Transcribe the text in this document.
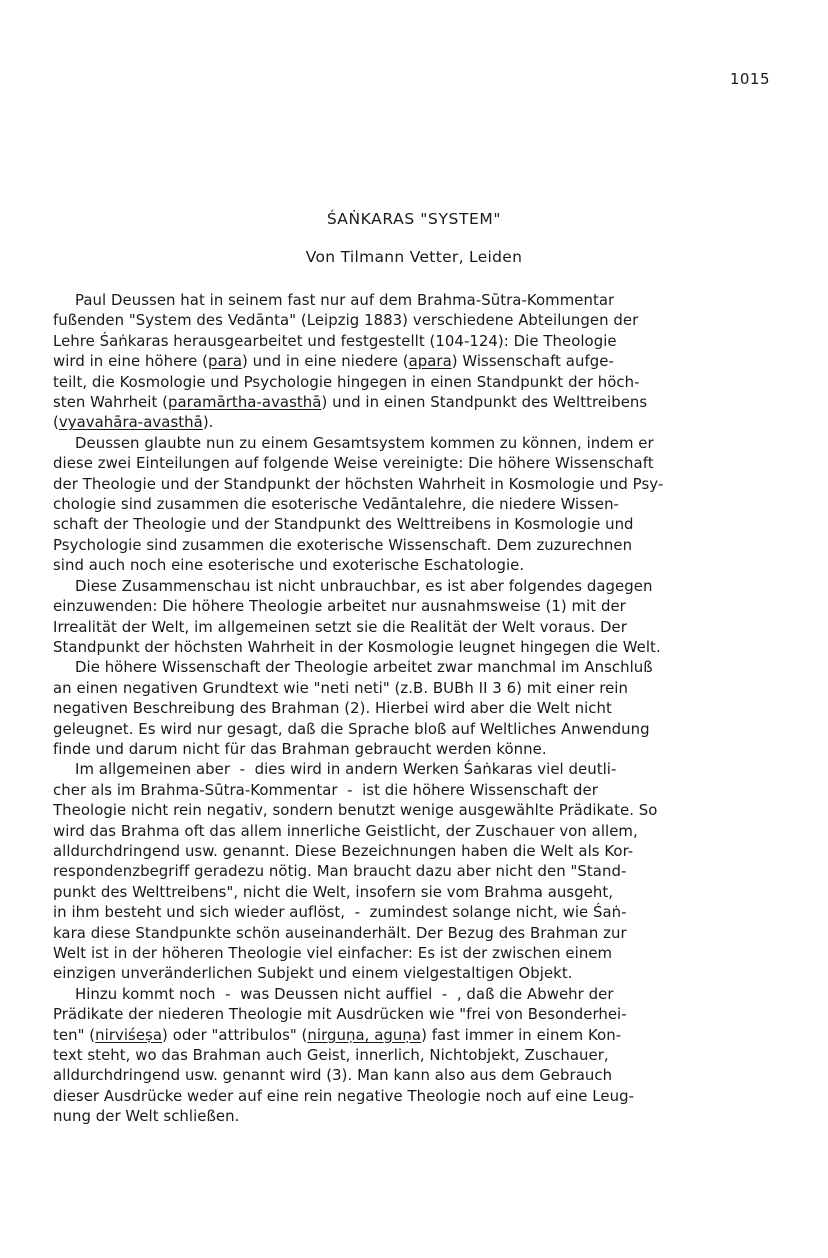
1015
ŚAṄKARAS "SYSTEM"
Von Tilmann Vetter, Leiden
Paul Deussen hat in seinem fast nur auf dem Brahma-Sūtra-Kommentar
fußenden "System des Vedānta" (Leipzig 1883) verschiedene Abteilungen der
Lehre Śaṅkaras herausgearbeitet und festgestellt (104-124): Die Theologie
wird in eine höhere (para) und in eine niedere (apara) Wissenschaft aufge-
teilt, die Kosmologie und Psychologie hingegen in einen Standpunkt der höch-
sten Wahrheit (paramārtha-avasthā) und in einen Standpunkt des Welttreibens
(vyavahāra-avasthā).
Deussen glaubte nun zu einem Gesamtsystem kommen zu können, indem er
diese zwei Einteilungen auf folgende Weise vereinigte: Die höhere Wissenschaft
der Theologie und der Standpunkt der höchsten Wahrheit in Kosmologie und Psy-
chologie sind zusammen die esoterische Vedāntalehre, die niedere Wissen-
schaft der Theologie und der Standpunkt des Welttreibens in Kosmologie und
Psychologie sind zusammen die exoterische Wissenschaft. Dem zuzurechnen
sind auch noch eine esoterische und exoterische Eschatologie.
Diese Zusammenschau ist nicht unbrauchbar, es ist aber folgendes dagegen
einzuwenden: Die höhere Theologie arbeitet nur ausnahmsweise (1) mit der
Irrealität der Welt, im allgemeinen setzt sie die Realität der Welt voraus. Der
Standpunkt der höchsten Wahrheit in der Kosmologie leugnet hingegen die Welt.
Die höhere Wissenschaft der Theologie arbeitet zwar manchmal im Anschluß
an einen negativen Grundtext wie "neti neti" (z.B. BUBh II 3 6) mit einer rein
negativen Beschreibung des Brahman (2). Hierbei wird aber die Welt nicht
geleugnet. Es wird nur gesagt, daß die Sprache bloß auf Weltliches Anwendung
finde und darum nicht für das Brahman gebraucht werden könne.
Im allgemeinen aber  -  dies wird in andern Werken Śaṅkaras viel deutli-
cher als im Brahma-Sūtra-Kommentar  -  ist die höhere Wissenschaft der
Theologie nicht rein negativ, sondern benutzt wenige ausgewählte Prädikate. So
wird das Brahma oft das allem innerliche Geistlicht, der Zuschauer von allem,
alldurchdringend usw. genannt. Diese Bezeichnungen haben die Welt als Kor-
respondenzbegriff geradezu nötig. Man braucht dazu aber nicht den "Stand-
punkt des Welttreibens", nicht die Welt, insofern sie vom Brahma ausgeht,
in ihm besteht und sich wieder auflöst,  -  zumindest solange nicht, wie Śaṅ-
kara diese Standpunkte schön auseinanderhält. Der Bezug des Brahman zur
Welt ist in der höheren Theologie viel einfacher: Es ist der zwischen einem
einzigen unveränderlichen Subjekt und einem vielgestaltigen Objekt.
Hinzu kommt noch  -  was Deussen nicht auffiel  -  , daß die Abwehr der
Prädikate der niederen Theologie mit Ausdrücken wie "frei von Besonderhei-
ten" (nirviśeṣa) oder "attribulos" (nirguṇa, aguṇa) fast immer in einem Kon-
text steht, wo das Brahman auch Geist, innerlich, Nichtobjekt, Zuschauer,
alldurchdringend usw. genannt wird (3). Man kann also aus dem Gebrauch
dieser Ausdrücke weder auf eine rein negative Theologie noch auf eine Leug-
nung der Welt schließen.
